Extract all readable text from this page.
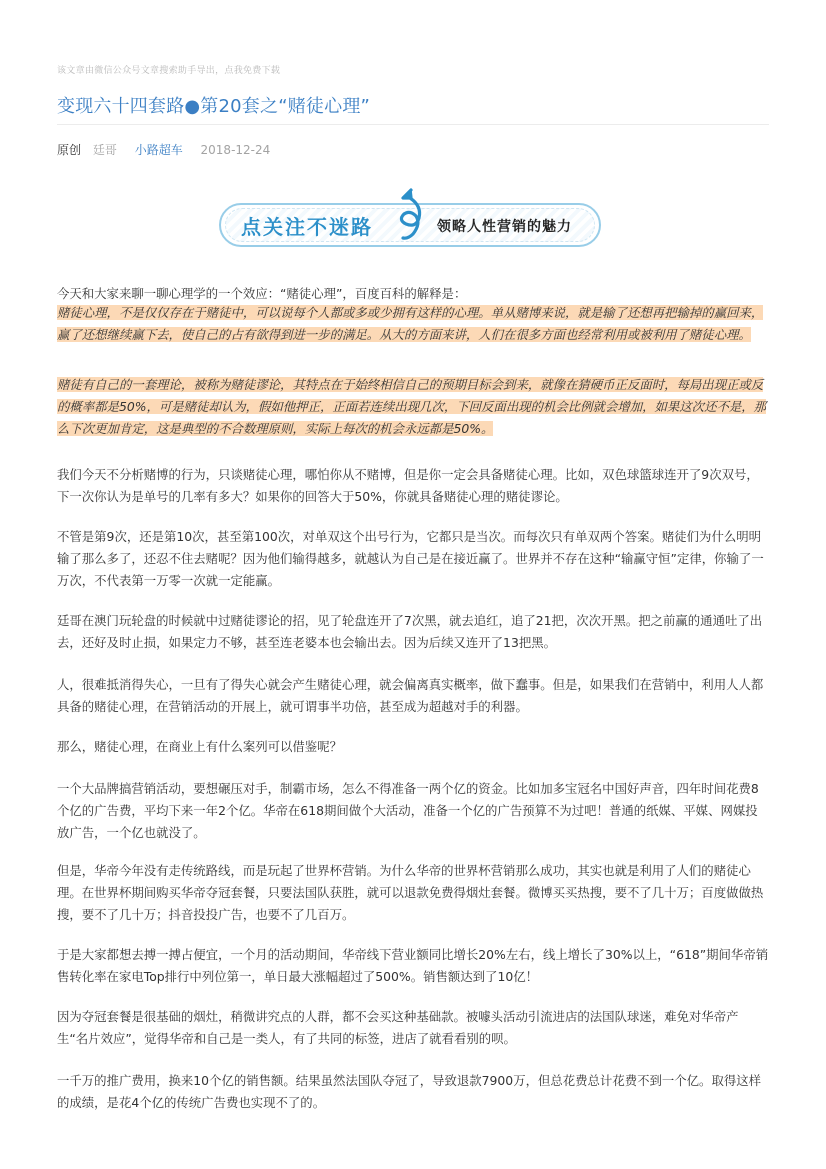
该文章由微信公众号文章搜索助手导出，点我免费下载
变现六十四套路●第20套之“赌徒心理”
原创 廷哥 小路超车 2018-12-24
点关注不迷路	领略人性营销的魅力

今天和大家来聊一聊心理学的一个效应：“赌徒心理”，百度百科的解释是：

赌徒心理，不是仅仅存在于赌徒中，可以说每个人都或多或少拥有这样的心理。单从赌博来说，就是输了还想再把输掉的赢回来，赢了还想继续赢下去，使自己的占有欲得到进一步的满足。从大的方面来讲，人们在很多方面也经常利用或被利用了赌徒心理。

赌徒有自己的一套理论，被称为赌徒谬论，其特点在于始终相信自己的预期目标会到来，就像在猜硬币正反面时，每局出现正或反的概率都是50%，可是赌徒却认为，假如他押正，正面若连续出现几次，下回反面出现的机会比例就会增加，如果这次还不是，那么下次更加肯定，这是典型的不合数理原则，实际上每次的机会永远都是50%。

我们今天不分析赌博的行为，只谈赌徒心理，哪怕你从不赌博，但是你一定会具备赌徒心理。比如，双色球篮球连开了9次双号，下一次你认为是单号的几率有多大？如果你的回答大于50%，你就具备赌徒心理的赌徒谬论。

不管是第9次，还是第10次，甚至第100次，对单双这个出号行为，它都只是当次。而每次只有单双两个答案。赌徒们为什么明明输了那么多了，还忍不住去赌呢？因为他们输得越多，就越认为自己是在接近赢了。世界并不存在这种“输赢守恒”定律，你输了一万次，不代表第一万零一次就一定能赢。

廷哥在澳门玩轮盘的时候就中过赌徒谬论的招，见了轮盘连开了7次黑，就去追红，追了21把，次次开黑。把之前赢的通通吐了出去，还好及时止损，如果定力不够，甚至连老婆本也会输出去。因为后续又连开了13把黑。

人，很难抵消得失心，一旦有了得失心就会产生赌徒心理，就会偏离真实概率，做下蠢事。但是，如果我们在营销中，利用人人都具备的赌徒心理，在营销活动的开展上，就可谓事半功倍，甚至成为超越对手的利器。

那么，赌徒心理，在商业上有什么案列可以借鉴呢？

一个大品牌搞营销活动，要想碾压对手，制霸市场，怎么不得准备一两个亿的资金。比如加多宝冠名中国好声音，四年时间花费8个亿的广告费，平均下来一年2个亿。华帝在618期间做个大活动，准备一个亿的广告预算不为过吧！普通的纸媒、平媒、网媒投放广告，一个亿也就没了。

但是，华帝今年没有走传统路线，而是玩起了世界杯营销。为什么华帝的世界杯营销那么成功，其实也就是利用了人们的赌徒心理。在世界杯期间购买华帝夺冠套餐，只要法国队获胜，就可以退款免费得烟灶套餐。微博买买热搜，要不了几十万；百度做做热搜，要不了几十万；抖音投投广告，也要不了几百万。

于是大家都想去搏一搏占便宜，一个月的活动期间，华帝线下营业额同比增长20%左右，线上增长了30%以上，“618”期间华帝销售转化率在家电Top排行中列位第一，单日最大涨幅超过了500%。销售额达到了10亿！

因为夺冠套餐是很基础的烟灶，稍微讲究点的人群，都不会买这种基础款。被噱头活动引流进店的法国队球迷，难免对华帝产生“名片效应”，觉得华帝和自己是一类人，有了共同的标签，进店了就看看别的呗。

一千万的推广费用，换来10个亿的销售额。结果虽然法国队夺冠了，导致退款7900万，但总花费总计花费不到一个亿。取得这样的成绩，是花4个亿的传统广告费也实现不了的。
